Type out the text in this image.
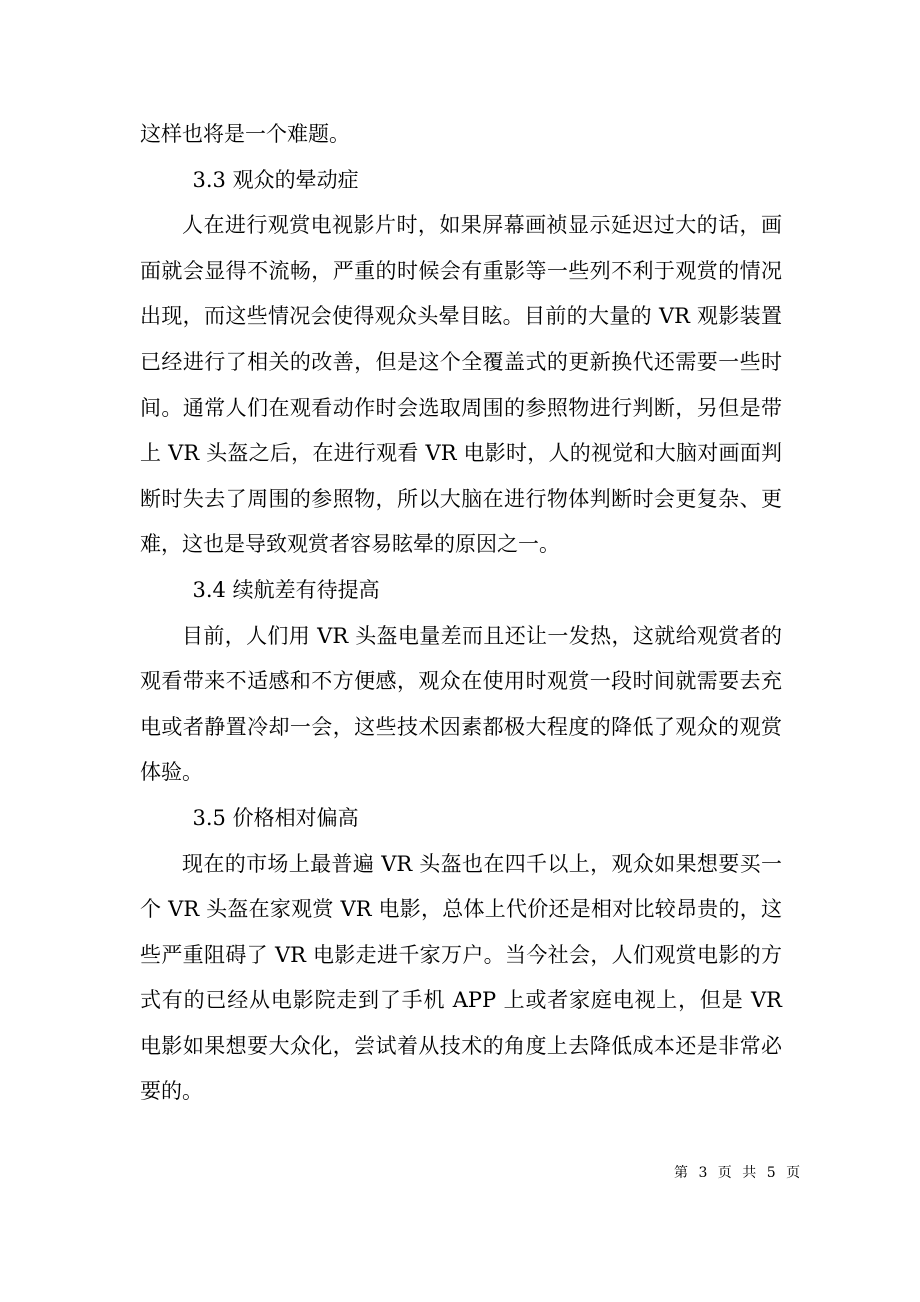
这样也将是一个难题。

3.3 观众的晕动症

人在进行观赏电视影片时，如果屏幕画祯显示延迟过大的话，画面就会显得不流畅，严重的时候会有重影等一些列不利于观赏的情况出现，而这些情况会使得观众头晕目眩。目前的大量的 VR 观影装置已经进行了相关的改善，但是这个全覆盖式的更新换代还需要一些时间。通常人们在观看动作时会选取周围的参照物进行判断，另但是带上 VR 头盔之后，在进行观看 VR 电影时，人的视觉和大脑对画面判断时失去了周围的参照物，所以大脑在进行物体判断时会更复杂、更难，这也是导致观赏者容易眩晕的原因之一。

3.4 续航差有待提高

目前，人们用 VR 头盔电量差而且还让一发热，这就给观赏者的观看带来不适感和不方便感，观众在使用时观赏一段时间就需要去充电或者静置冷却一会，这些技术因素都极大程度的降低了观众的观赏体验。

3.5 价格相对偏高

现在的市场上最普遍 VR 头盔也在四千以上，观众如果想要买一个 VR 头盔在家观赏 VR 电影，总体上代价还是相对比较昂贵的，这些严重阻碍了 VR 电影走进千家万户。当今社会，人们观赏电影的方式有的已经从电影院走到了手机 APP 上或者家庭电视上，但是 VR 电影如果想要大众化，尝试着从技术的角度上去降低成本还是非常必要的。

第 3 页 共 5 页
